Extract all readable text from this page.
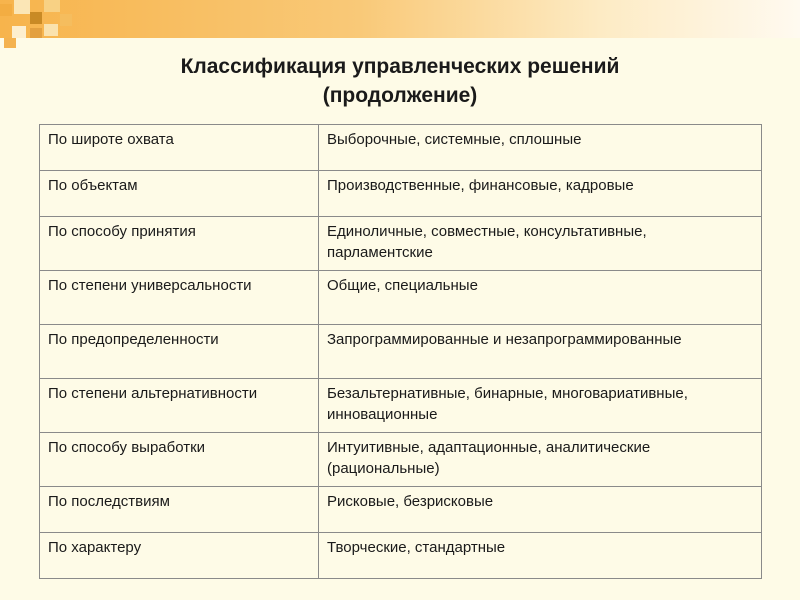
Классификация управленческих решений
(продолжение)
По широте охвата	Выборочные, системные, сплошные
По объектам	Производственные, финансовые, кадровые
По способу принятия	Единоличные, совместные, консультативные, парламентские
По степени универсальности	Общие, специальные
По предопределенности	Запрограммированные и незапрограммированные
По степени альтернативности	Безальтернативные, бинарные, многовариативные, инновационные
По способу выработки	Интуитивные, адаптационные, аналитические (рациональные)
По последствиям	Рисковые, безрисковые
По характеру	Творческие, стандартные
